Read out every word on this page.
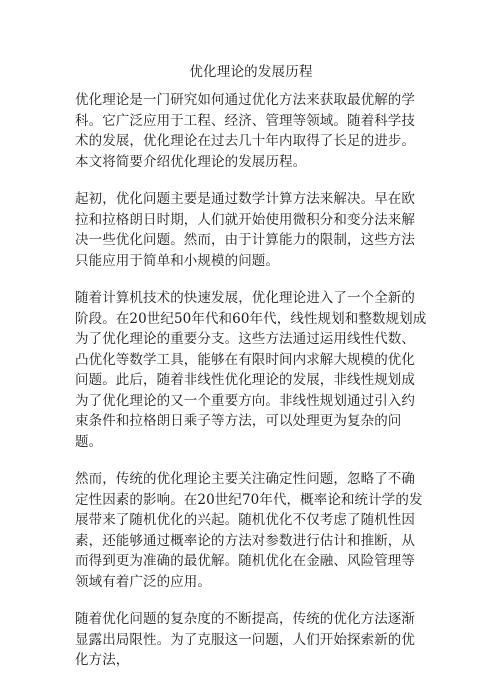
优化理论的发展历程

优化理论是一门研究如何通过优化方法来获取最优解的学科。它广泛应用于工程、经济、管理等领域。随着科学技术的发展，优化理论在过去几十年内取得了长足的进步。本文将简要介绍优化理论的发展历程。

起初，优化问题主要是通过数学计算方法来解决。早在欧拉和拉格朗日时期，人们就开始使用微积分和变分法来解决一些优化问题。然而，由于计算能力的限制，这些方法只能应用于简单和小规模的问题。

随着计算机技术的快速发展，优化理论进入了一个全新的阶段。在20世纪50年代和60年代，线性规划和整数规划成为了优化理论的重要分支。这些方法通过运用线性代数、凸优化等数学工具，能够在有限时间内求解大规模的优化问题。此后，随着非线性优化理论的发展，非线性规划成为了优化理论的又一个重要方向。非线性规划通过引入约束条件和拉格朗日乘子等方法，可以处理更为复杂的问题。

然而，传统的优化理论主要关注确定性问题，忽略了不确定性因素的影响。在20世纪70年代，概率论和统计学的发展带来了随机优化的兴起。随机优化不仅考虑了随机性因素，还能够通过概率论的方法对参数进行估计和推断，从而得到更为准确的最优解。随机优化在金融、风险管理等领域有着广泛的应用。

随着优化问题的复杂度的不断提高，传统的优化方法逐渐显露出局限性。为了克服这一问题，人们开始探索新的优化方法，
